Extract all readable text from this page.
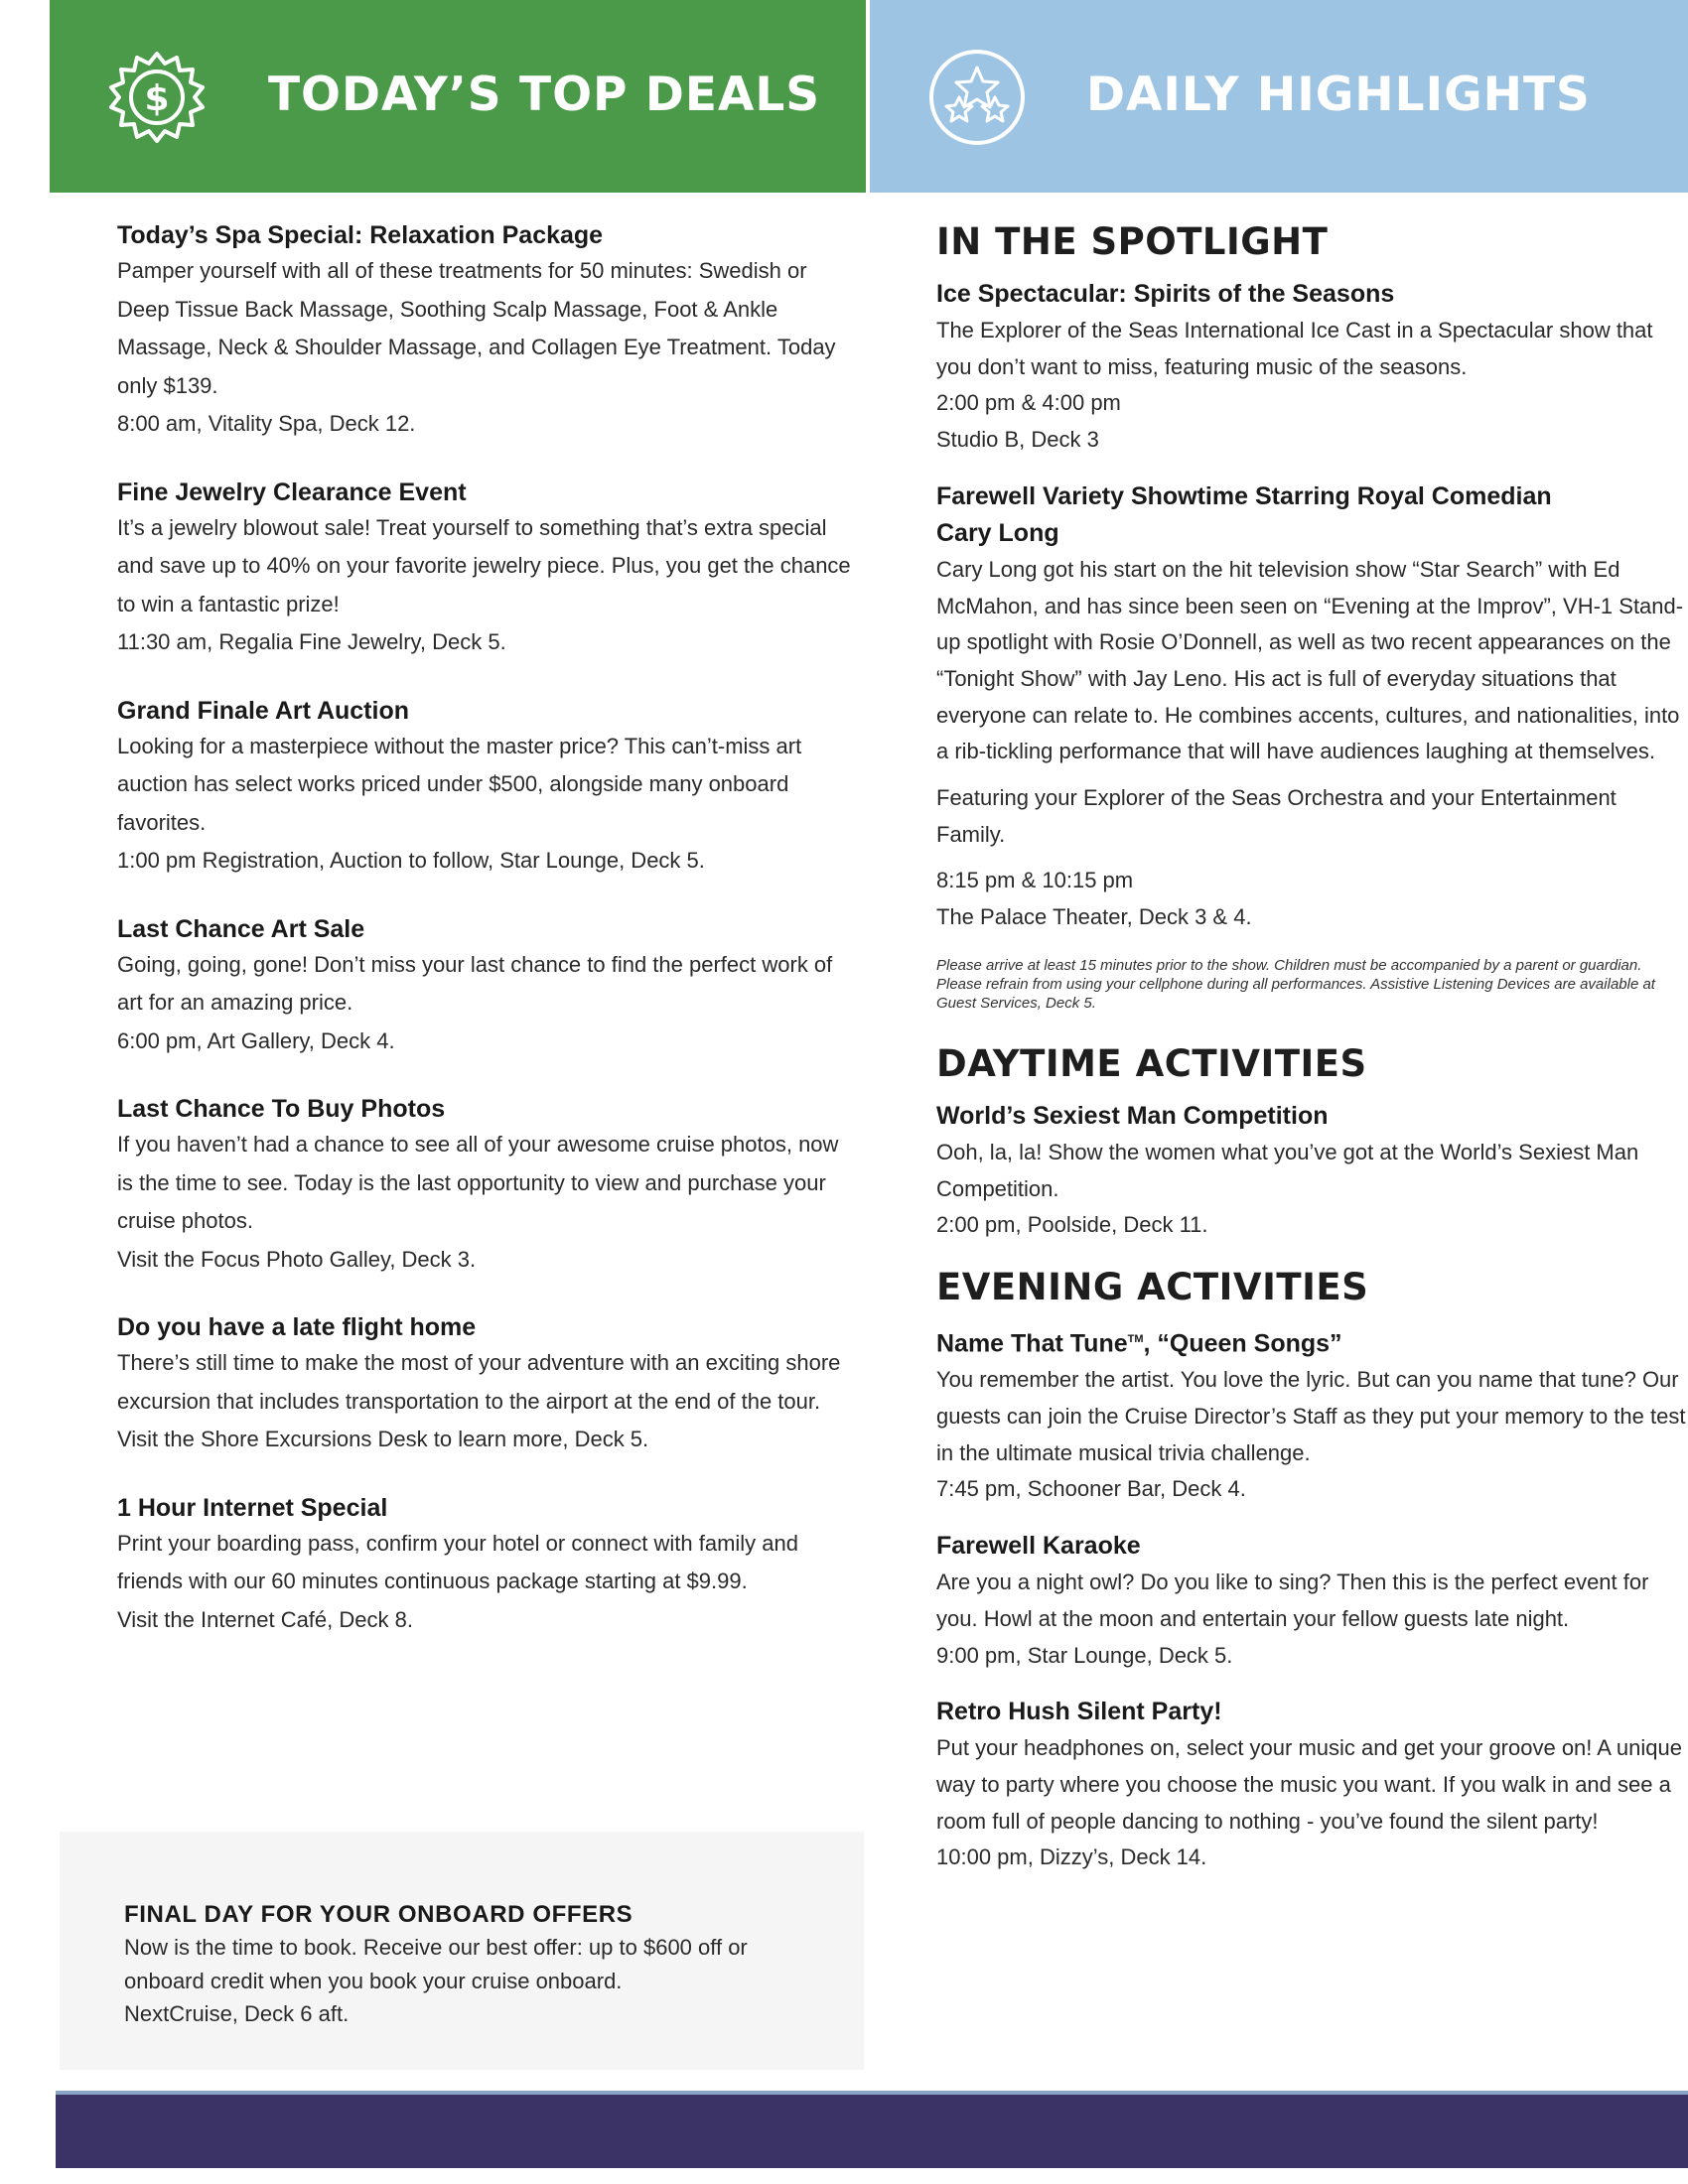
$ TODAY’S TOP DEALS	DAILY HIGHLIGHTS
Today’s Spa Special: Relaxation Package
Pamper yourself with all of these treatments for 50 minutes: Swedish or Deep Tissue Back Massage, Soothing Scalp Massage, Foot & Ankle Massage, Neck & Shoulder Massage, and Collagen Eye Treatment. Today only $139.
8:00 am, Vitality Spa, Deck 12.
Fine Jewelry Clearance Event
It’s a jewelry blowout sale! Treat yourself to something that’s extra special and save up to 40% on your favorite jewelry piece. Plus, you get the chance to win a fantastic prize!
11:30 am, Regalia Fine Jewelry, Deck 5.
Grand Finale Art Auction
Looking for a masterpiece without the master price? This can’t-miss art auction has select works priced under $500, alongside many onboard favorites.
1:00 pm Registration, Auction to follow, Star Lounge, Deck 5.
Last Chance Art Sale
Going, going, gone! Don’t miss your last chance to find the perfect work of art for an amazing price.
6:00 pm, Art Gallery, Deck 4.
Last Chance To Buy Photos
If you haven’t had a chance to see all of your awesome cruise photos, now is the time to see. Today is the last opportunity to view and purchase your cruise photos.
Visit the Focus Photo Galley, Deck 3.
Do you have a late flight home
There’s still time to make the most of your adventure with an exciting shore excursion that includes transportation to the airport at the end of the tour.
Visit the Shore Excursions Desk to learn more, Deck 5.
1 Hour Internet Special
Print your boarding pass, confirm your hotel or connect with family and friends with our 60 minutes continuous package starting at $9.99.
Visit the Internet Café, Deck 8.
FINAL DAY FOR YOUR ONBOARD OFFERS
Now is the time to book. Receive our best offer: up to $600 off or onboard credit when you book your cruise onboard.
NextCruise, Deck 6 aft.
IN THE SPOTLIGHT
Ice Spectacular: Spirits of the Seasons
The Explorer of the Seas International Ice Cast in a Spectacular show that you don’t want to miss, featuring music of the seasons.
2:00 pm & 4:00 pm
Studio B, Deck 3
Farewell Variety Showtime Starring Royal Comedian
Cary Long
Cary Long got his start on the hit television show “Star Search” with Ed McMahon, and has since been seen on “Evening at the Improv”, VH-1 Stand-up spotlight with Rosie O’Donnell, as well as two recent appearances on the “Tonight Show” with Jay Leno. His act is full of everyday situations that everyone can relate to. He combines accents, cultures, and nationalities, into a rib-tickling performance that will have audiences laughing at themselves.
Featuring your Explorer of the Seas Orchestra and your Entertainment Family.
8:15 pm & 10:15 pm
The Palace Theater, Deck 3 & 4.
Please arrive at least 15 minutes prior to the show. Children must be accompanied by a parent or guardian. Please refrain from using your cellphone during all performances. Assistive Listening Devices are available at Guest Services, Deck 5.
DAYTIME ACTIVITIES
World’s Sexiest Man Competition
Ooh, la, la! Show the women what you’ve got at the World’s Sexiest Man Competition.
2:00 pm, Poolside, Deck 11.
EVENING ACTIVITIES
Name That Tune™, “Queen Songs”
You remember the artist. You love the lyric. But can you name that tune? Our guests can join the Cruise Director’s Staff as they put your memory to the test in the ultimate musical trivia challenge.
7:45 pm, Schooner Bar, Deck 4.
Farewell Karaoke
Are you a night owl? Do you like to sing? Then this is the perfect event for you. Howl at the moon and entertain your fellow guests late night.
9:00 pm, Star Lounge, Deck 5.
Retro Hush Silent Party!
Put your headphones on, select your music and get your groove on! A unique way to party where you choose the music you want. If you walk in and see a room full of people dancing to nothing - you’ve found the silent party!
10:00 pm, Dizzy’s, Deck 14.
